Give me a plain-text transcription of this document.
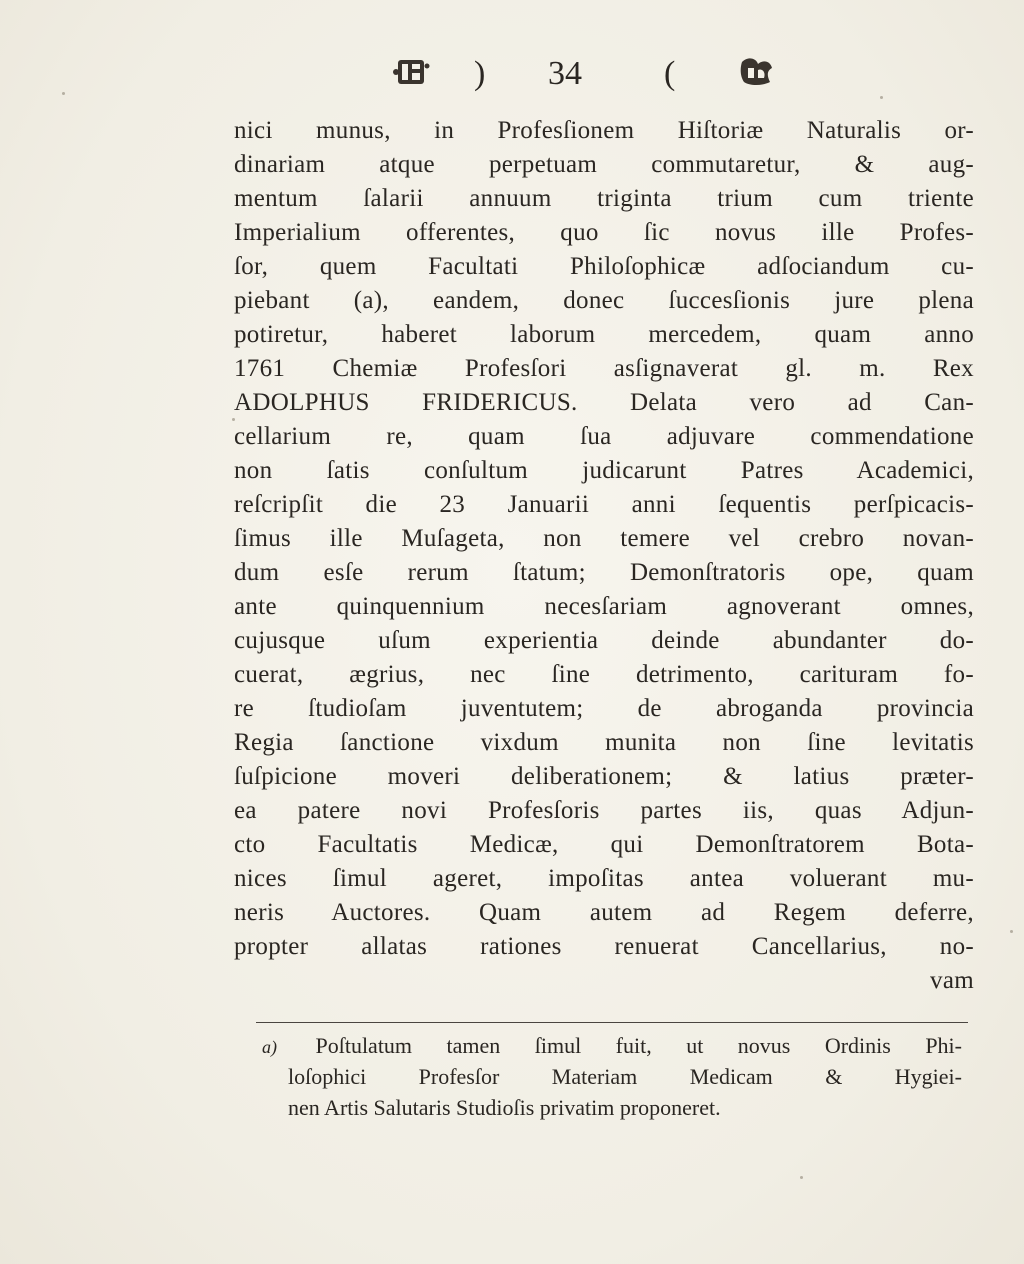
) 34 (
nici munus, in Profesſionem Hiſtoriæ Naturalis or-
dinariam atque perpetuam commutaretur, & aug-
mentum ſalarii annuum triginta trium cum triente
Imperialium offerentes, quo ſic novus ille Profes-
ſor, quem Facultati Philoſophicæ adſociandum cu-
piebant (a), eandem, donec ſuccesſionis jure plena
potiretur, haberet laborum mercedem, quam anno
1761 Chemiæ Profesſori asſignaverat gl. m. Rex
ADOLPHUS FRIDERICUS. Delata vero ad Can-
cellarium re, quam ſua adjuvare commendatione
non ſatis conſultum judicarunt Patres Academici,
reſcripſit die 23 Januarii anni ſequentis perſpicacis-
ſimus ille Muſageta, non temere vel crebro novan-
dum esſe rerum ſtatum; Demonſtratoris ope, quam
ante quinquennium necesſariam agnoverant omnes,
cujusque uſum experientia deinde abundanter do-
cuerat, ægrius, nec ſine detrimento, carituram fo-
re ſtudioſam juventutem; de abroganda provincia
Regia ſanctione vixdum munita non ſine levitatis
ſuſpicione moveri deliberationem; & latius præter-
ea patere novi Profesſoris partes iis, quas Adjun-
cto Facultatis Medicæ, qui Demonſtratorem Bota-
nices ſimul ageret, impoſitas antea voluerant mu-
neris Auctores. Quam autem ad Regem deferre,
propter allatas rationes renuerat Cancellarius, no-
vam
a) Poſtulatum tamen ſimul fuit, ut novus Ordinis Phi-
loſophici Profesſor Materiam Medicam & Hygiei-
nen Artis Salutaris Studioſis privatim proponeret.
